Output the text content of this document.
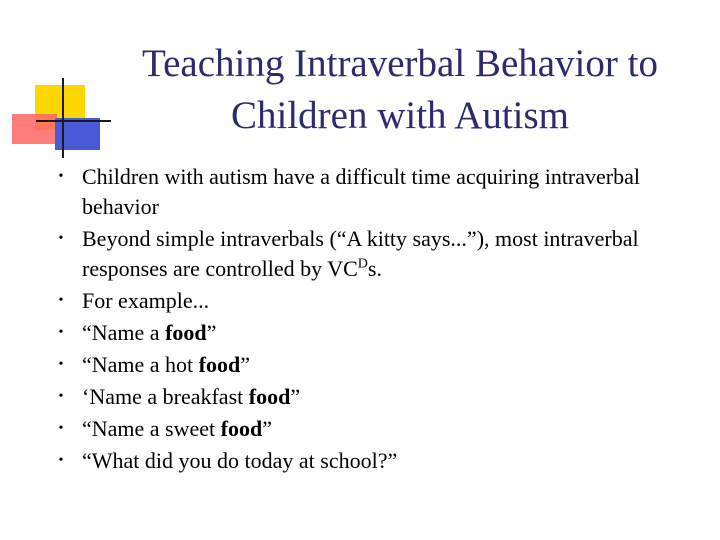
Teaching Intraverbal Behavior to
Children with Autism
• Children with autism have a difficult time acquiring intraverbal behavior
• Beyond simple intraverbals (“A kitty says...”), most intraverbal responses are controlled by $VC^Ds$.
• For example...
• “Name a food”
• “Name a hot food”
• ‘Name a breakfast food”
• “Name a sweet food”
• “What did you do today at school?”
